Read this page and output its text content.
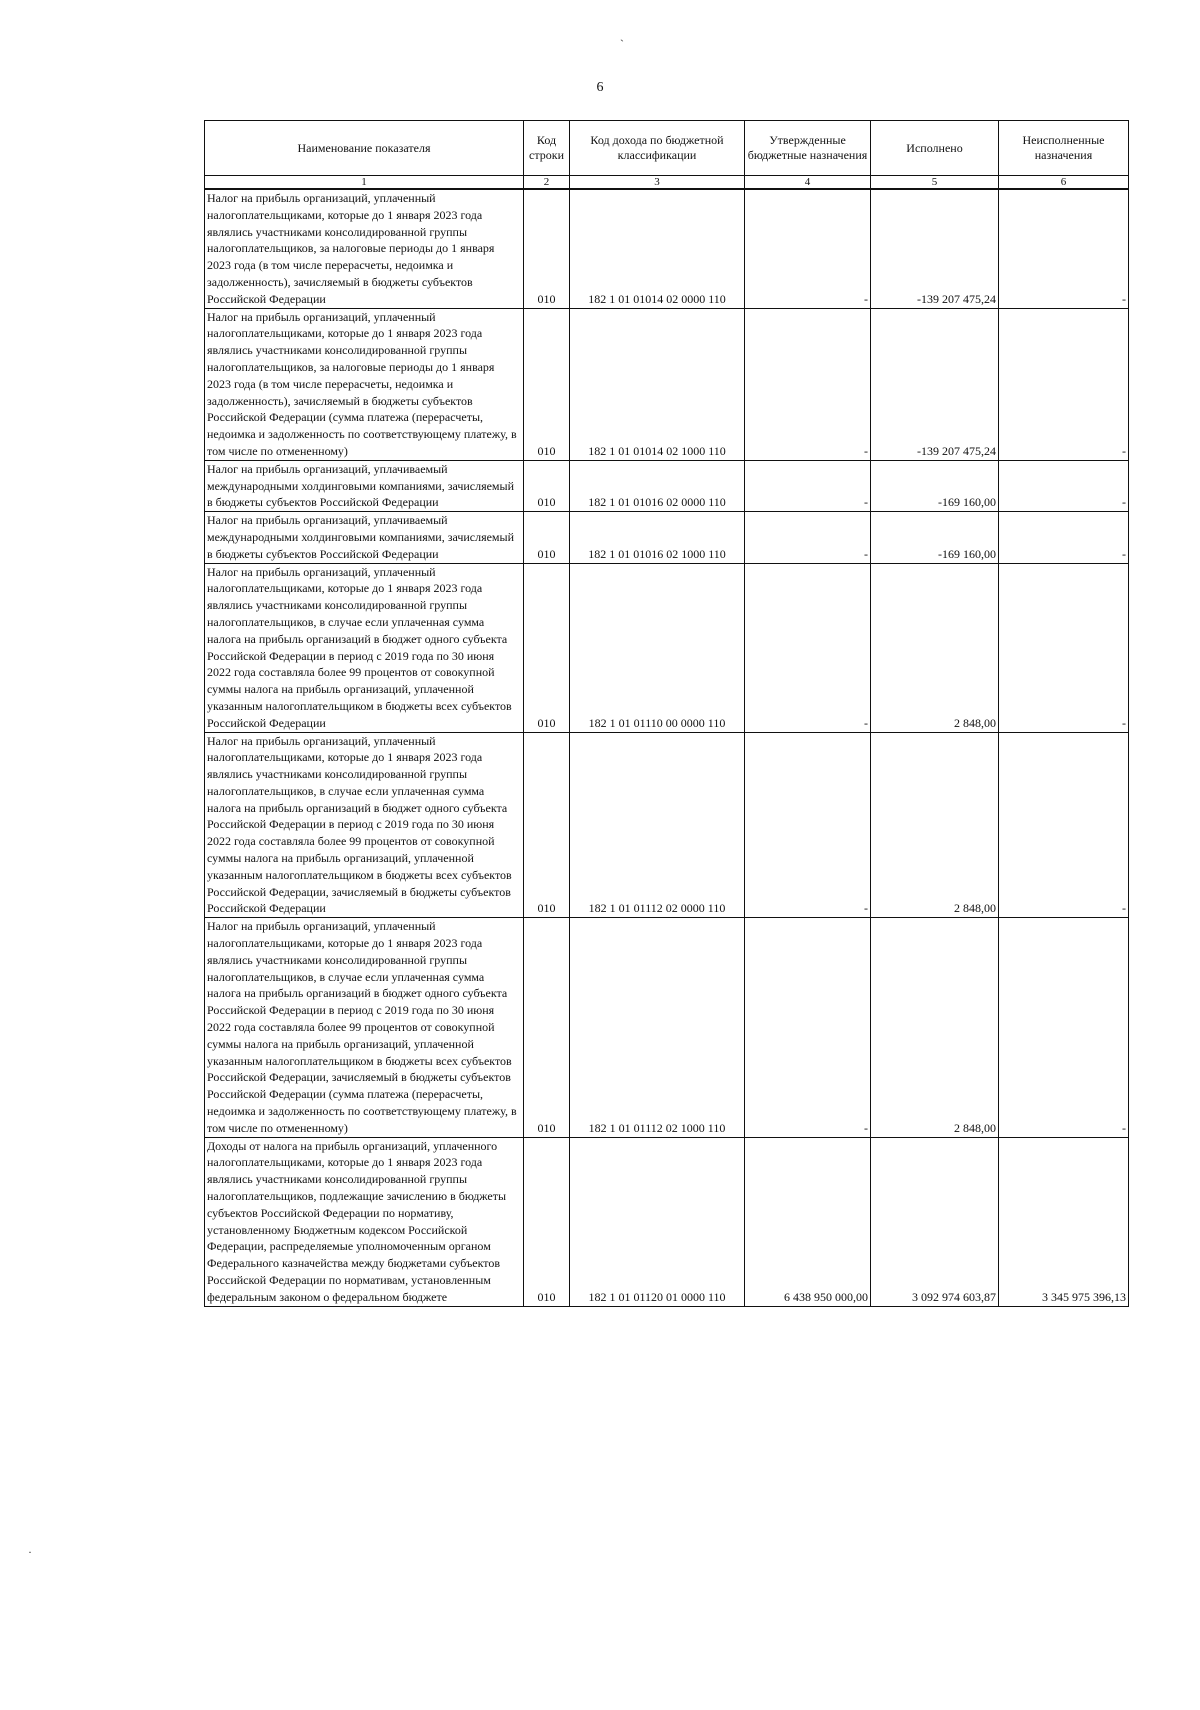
6
ˏ
·
Наименование показателя	Код строки	Код дохода по бюджетной классификации	Утвержденные бюджетные назначения	Исполнено	Неисполненные назначения
1	2	3	4	5	6
Налог на прибыль организаций, уплаченный налогоплательщиками, которые до 1 января 2023 года являлись участниками консолидированной группы налогоплательщиков, за налоговые периоды до 1 января 2023 года (в том числе перерасчеты, недоимка и задолженность), зачисляемый в бюджеты субъектов Российской Федерации	010	182 1 01 01014 02 0000 110	-	-139 207 475,24	-
Налог на прибыль организаций, уплаченный налогоплательщиками, которые до 1 января 2023 года являлись участниками консолидированной группы налогоплательщиков, за налоговые периоды до 1 января 2023 года (в том числе перерасчеты, недоимка и задолженность), зачисляемый в бюджеты субъектов Российской Федерации (сумма платежа (перерасчеты, недоимка и задолженность по соответствующему платежу, в том числе по отмененному)	010	182 1 01 01014 02 1000 110	-	-139 207 475,24	-
Налог на прибыль организаций, уплачиваемый международными холдинговыми компаниями, зачисляемый в бюджеты субъектов Российской Федерации	010	182 1 01 01016 02 0000 110	-	-169 160,00	-
Налог на прибыль организаций, уплачиваемый международными холдинговыми компаниями, зачисляемый в бюджеты субъектов Российской Федерации	010	182 1 01 01016 02 1000 110	-	-169 160,00	-
Налог на прибыль организаций, уплаченный налогоплательщиками, которые до 1 января 2023 года являлись участниками консолидированной группы налогоплательщиков, в случае если уплаченная сумма налога на прибыль организаций в бюджет одного субъекта Российской Федерации в период с 2019 года по 30 июня 2022 года составляла более 99 процентов от совокупной суммы налога на прибыль организаций, уплаченной указанным налогоплательщиком в бюджеты всех субъектов Российской Федерации	010	182 1 01 01110 00 0000 110	-	2 848,00	-
Налог на прибыль организаций, уплаченный налогоплательщиками, которые до 1 января 2023 года являлись участниками консолидированной группы налогоплательщиков, в случае если уплаченная сумма налога на прибыль организаций в бюджет одного субъекта Российской Федерации в период с 2019 года по 30 июня 2022 года составляла более 99 процентов от совокупной суммы налога на прибыль организаций, уплаченной указанным налогоплательщиком в бюджеты всех субъектов Российской Федерации, зачисляемый в бюджеты субъектов Российской Федерации	010	182 1 01 01112 02 0000 110	-	2 848,00	-
Налог на прибыль организаций, уплаченный налогоплательщиками, которые до 1 января 2023 года являлись участниками консолидированной группы налогоплательщиков, в случае если уплаченная сумма налога на прибыль организаций в бюджет одного субъекта Российской Федерации в период с 2019 года по 30 июня 2022 года составляла более 99 процентов от совокупной суммы налога на прибыль организаций, уплаченной указанным налогоплательщиком в бюджеты всех субъектов Российской Федерации, зачисляемый в бюджеты субъектов Российской Федерации (сумма платежа (перерасчеты, недоимка и задолженность по соответствующему платежу, в том числе по отмененному)	010	182 1 01 01112 02 1000 110	-	2 848,00	-
Доходы от налога на прибыль организаций, уплаченного налогоплательщиками, которые до 1 января 2023 года являлись участниками консолидированной группы налогоплательщиков, подлежащие зачислению в бюджеты субъектов Российской Федерации по нормативу, установленному Бюджетным кодексом Российской Федерации, распределяемые уполномоченным органом Федерального казначейства между бюджетами субъектов Российской Федерации по нормативам, установленным федеральным законом о федеральном бюджете	010	182 1 01 01120 01 0000 110	6 438 950 000,00	3 092 974 603,87	3 345 975 396,13
